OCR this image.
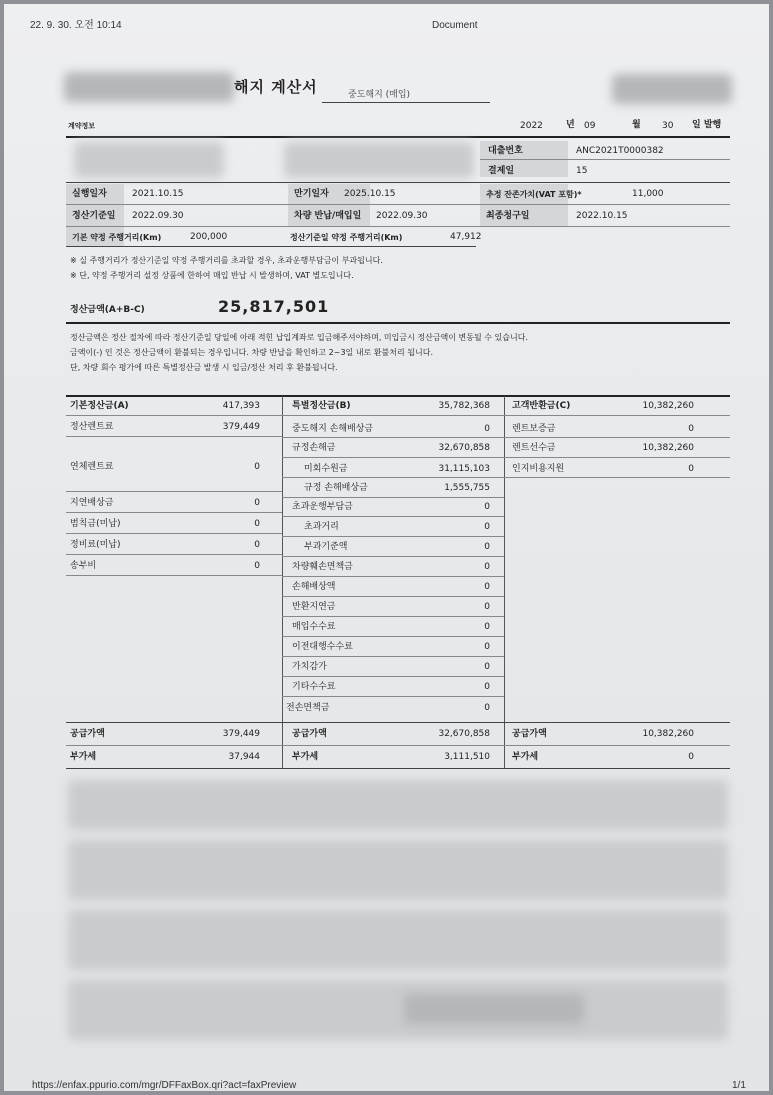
22. 9. 30. 오전 10:14	Document
해지 계산서	중도해지 (매입)
계약정보	2022	년 09	월 30 일 발행
대출번호	ANC2021T0000382
결제일	15
실행일자	2021.10.15	만기일자 2025.10.15	추정 잔존가치(VAT 포함)*	11,000
정산기준일 2022.09.30	차량 반납/매입일 2022.09.30	최종청구일	2022.10.15
기본 약정 주행거리(Km)	200,000	정산기준일 약정 주행거리(Km)	47,912
※ 실 주행거리가 정산기준일 약정 주행거리를 초과할 경우, 초과운행부담금이 부과됩니다.
※ 단, 약정 주행거리 설정 상품에 한하여 매입 반납 시 발생하며, VAT 별도입니다.
정산금액(A+B-C)	25,817,501
정산금액은 정산 절차에 따라 정산기준일 당일에 아래 적힌 납입계좌로 입금해주셔야하며, 미입금시 정산금액이 변동될 수 있습니다.
금액이(-) 인 것은 정산금액이 환불되는 경우입니다. 차량 반납을 확인하고 2~3일 내로 환불처리 됩니다.
단, 차량 회수 평가에 따른 특별정산금 발생 시 입금/정산 처리 후 환불됩니다.
기본정산금(A)	417,393
정산렌트료	379,449
연체렌트료	0
지연배상금	0
범칙금(미납)	0
정비료(미납)	0
송부비	0
공급가액	379,449
부가세	37,944
특별정산금(B)	35,782,368
중도해지 손해배상금	0
규정손해금	32,670,858
미회수원금	31,115,103
규정 손해배상금	1,555,755
초과운행부담금	0
초과거리	0
부과기준액	0
차량훼손면책금	0
손해배상액	0
반환지연금	0
매입수수료	0
이전대행수수료	0
가치감가	0
기타수수료	0
전손면책금	0
공급가액	32,670,858
부가세	3,111,510
고객반환금(C)	10,382,260
렌트보증금	0
렌트선수금	10,382,260
인지비용지원	0
공급가액	10,382,260
부가세	0
https://enfax.ppurio.com/mgr/DFFaxBox.qri?act=faxPreview	1/1
